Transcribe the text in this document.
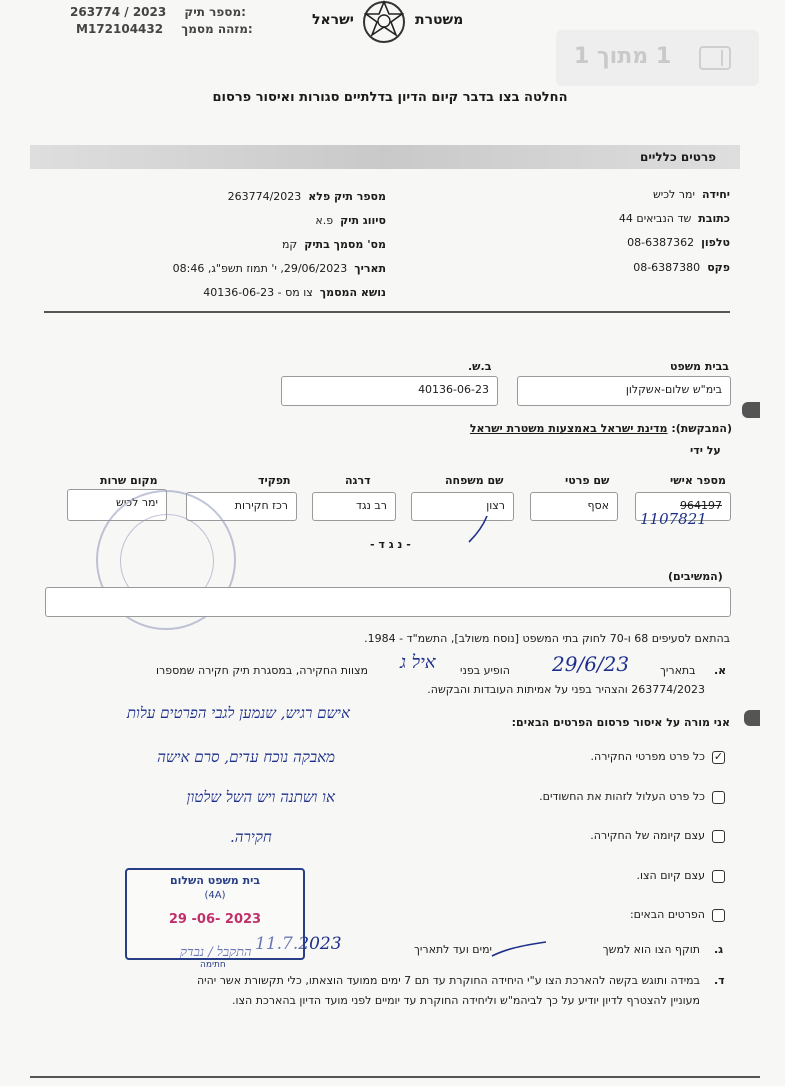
263774 / 2023 מספר תיק:
M172104432 מזהה מסמך:
ישראל	משטרת
1 מתוך 1
החלטה בצו בדבר קיום הדיון בדלתיים סגורות ואיסור פרסום
פרטים כלליים
יחידה  ימר לכיש
כתובת  שד הנביאים 44
טלפון  08-6387362
פקס  08-6387380
מספר תיק פלא  263774/2023
סיווג תיק  פ.א
מס' מסמך בתיק  קמ
תאריך  29/06/2023, י' תמוז תשפ"ג, 08:46
נושא המסמך  צו מס - 40136-06-23
בבית משפט
ב.ש.
בימ"ש שלום-אשקלון
40136-06-23
(המבקשת): מדינת ישראל באמצעות משטרת ישראל
על ידי
מספר אישי
שם פרטי
שם משפחה
דרגה
תפקיד
מקום שרות
964197
אסף
רצון
רב נגד
רכז חקירות
ימר לכיש
- נ ג ד -
(המשיבים)
בהתאם לסעיפים 68 ו-70 לחוק בתי המשפט [נוסח משולב], התשמ"ד - 1984.
א.
בתאריך
הופיע בפני
מצוות החקירה, במסגרת תיק חקירה שמספרו
263774/2023 והצהיר בפני על אמיתות העובדות והבקשה.
אני מורה על איסור פרסום הפרטים הבאים:
כל פרט מפרטי החקירה. ✓
כל פרט העלול לזהות את החשודים.
עצם קיומה של החקירה.
עצם קיום הצו.
הפרטים הבאים:
ג.
תוקף הצו הוא למשך
ימים ועד לתאריך
ד.
במידה ותוגש בקשה להארכת הצו ע"י היחידה החוקרת עד תם 7 ימים ממועד הוצאתו, כלי תקשורת אשר יהיה
מעוניין להצטרף לדיון יודיע על כך לביהמ"ש וליחידה החוקרת עד יומיים לפני מועד הדיון בהארכת הצו.
29/6/23
איל ג
1107821
אישם רגיש, שנמען לגבי הפרטים עלות
מאבקה נוכח עדים, סרם אישה
או ושתנה ויש השל שלטון
חקירה.
11.7.2023
התקבל / נבדק
בית משפט השלום
(4A)
29 -06- 2023
חתימה
